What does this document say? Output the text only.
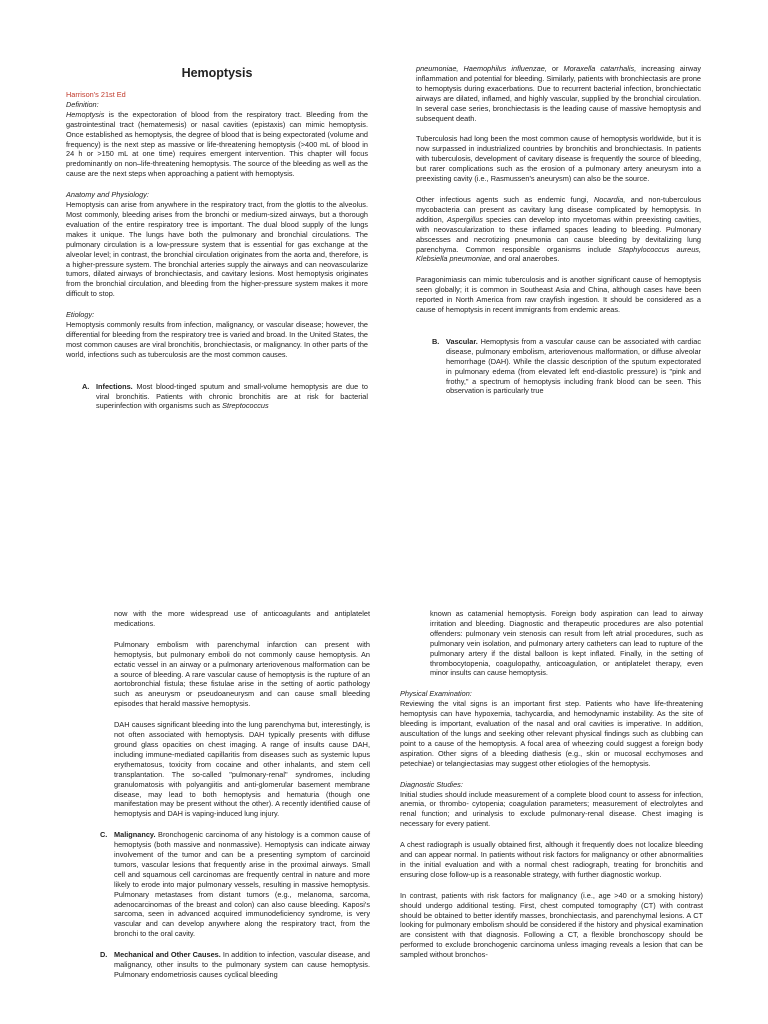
Hemoptysis
Harrison's 21st Ed
Definition:

Hemoptysis is the expectoration of blood from the respiratory tract. Bleeding from the gastrointestinal tract (hematemesis) or nasal cavities (epistaxis) can mimic hemoptysis. Once established as hemoptysis, the degree of blood that is being expectorated (volume and frequency) is the next step as massive or life-threatening hemoptysis (>400 mL of blood in 24 h or >150 mL at one time) requires emergent intervention. This chapter will focus predominantly on non–life-threatening hemoptysis. The source of the bleeding as well as the cause are the next steps when approaching a patient with hemoptysis.

Anatomy and Physiology:

Hemoptysis can arise from anywhere in the respiratory tract, from the glottis to the alveolus. Most commonly, bleeding arises from the bronchi or medium-sized airways, but a thorough evaluation of the entire respiratory tree is important. The dual blood supply of the lungs makes it unique. The lungs have both the pulmonary and bronchial circulations. The pulmonary circulation is a low-pressure system that is essential for gas exchange at the alveolar level; in contrast, the bronchial circulation originates from the aorta and, therefore, is a higher-pressure system. The bronchial arteries supply the airways and can neovascularize tumors, dilated airways of bronchiectasis, and cavitary lesions. Most hemoptysis originates from the bronchial circulation, and bleeding from the higher-pressure system makes it more difficult to stop.

Etiology:

Hemoptysis commonly results from infection, malignancy, or vascular disease; however, the differential for bleeding from the respiratory tree is varied and broad. In the United States, the most common causes are viral bronchitis, bronchiectasis, or malignancy. In other parts of the world, infections such as tuberculosis are the most common causes.

A. Infections. Most blood-tinged sputum and small-volume hemoptysis are due to viral bronchitis. Patients with chronic bronchitis are at risk for bacterial superinfection with organisms such as Streptococcus

pneumoniae, Haemophilus influenzae, or Moraxella catarrhalis, increasing airway inflammation and potential for bleeding. Similarly, patients with bronchiectasis are prone to hemoptysis during exacerbations. Due to recurrent bacterial infection, bronchiectatic airways are dilated, inflamed, and highly vascular, supplied by the bronchial circulation. In several case series, bronchiectasis is the leading cause of massive hemoptysis and subsequent death.

Tuberculosis had long been the most common cause of hemoptysis worldwide, but it is now surpassed in industrialized countries by bronchitis and bronchiectasis. In patients with tuberculosis, development of cavitary disease is frequently the source of bleeding, but rarer complications such as the erosion of a pulmonary artery aneurysm into a preexisting cavity (i.e., Rasmussen's aneurysm) can also be the source.

Other infectious agents such as endemic fungi, Nocardia, and non-tuberculous mycobacteria can present as cavitary lung disease complicated by hemoptysis. In addition, Aspergillus species can develop into mycetomas within preexisting cavities, with neovascularization to these inflamed spaces leading to bleeding. Pulmonary abscesses and necrotizing pneumonia can cause bleeding by devitalizing lung parenchyma. Common responsible organisms include Staphylococcus aureus, Klebsiella pneumoniae, and oral anaerobes.

Paragonimiasis can mimic tuberculosis and is another significant cause of hemoptysis seen globally; it is common in Southeast Asia and China, although cases have been reported in North America from raw crayfish ingestion. It should be considered as a cause of hemoptysis in recent immigrants from endemic areas.

B. Vascular. Hemoptysis from a vascular cause can be associated with cardiac disease, pulmonary embolism, arteriovenous malformation, or diffuse alveolar hemorrhage (DAH). While the classic description of the sputum expectorated in pulmonary edema (from elevated left end-diastolic pressure) is "pink and frothy," a spectrum of hemoptysis including frank blood can be seen. This observation is particularly true

now with the more widespread use of anticoagulants and antiplatelet medications.

Pulmonary embolism with parenchymal infarction can present with hemoptysis, but pulmonary emboli do not commonly cause hemoptysis. An ectatic vessel in an airway or a pulmonary arteriovenous malformation can be a source of bleeding. A rare vascular cause of hemoptysis is the rupture of an aortobronchial fistula; these fistulae arise in the setting of aortic pathology such as aneurysm or pseudoaneurysm and can cause small bleeding episodes that herald massive hemoptysis.

DAH causes significant bleeding into the lung parenchyma but, interestingly, is not often associated with hemoptysis. DAH typically presents with diffuse ground glass opacities on chest imaging. A range of insults cause DAH, including immune-mediated capillaritis from diseases such as systemic lupus erythematosus, toxicity from cocaine and other inhalants, and stem cell transplantation. The so-called "pulmonary-renal" syndromes, including granulomatosis with polyangiitis and anti-glomerular basement membrane disease, may lead to both hemoptysis and hematuria (though one manifestation may be present without the other). A recently identified cause of hemoptysis and DAH is vaping-induced lung injury.

C. Malignancy. Bronchogenic carcinoma of any histology is a common cause of hemoptysis (both massive and nonmassive). Hemoptysis can indicate airway involvement of the tumor and can be a presenting symptom of carcinoid tumors, vascular lesions that frequently arise in the proximal airways. Small cell and squamous cell carcinomas are frequently central in nature and more likely to erode into major pulmonary vessels, resulting in massive hemoptysis. Pulmonary metastases from distant tumors (e.g., melanoma, sarcoma, adenocarcinomas of the breast and colon) can also cause bleeding. Kaposi's sarcoma, seen in advanced acquired immunodeficiency syndrome, is very vascular and can develop anywhere along the respiratory tract, from the bronchi to the oral cavity.
D. Mechanical and Other Causes. In addition to infection, vascular disease, and malignancy, other insults to the pulmonary system can cause hemoptysis. Pulmonary endometriosis causes cyclical bleeding

known as catamenial hemoptysis. Foreign body aspiration can lead to airway irritation and bleeding. Diagnostic and therapeutic procedures are also potential offenders: pulmonary vein stenosis can result from left atrial procedures, such as pulmonary vein isolation, and pulmonary artery catheters can lead to rupture of the pulmonary artery if the distal balloon is kept inflated. Finally, in the setting of thrombocytopenia, coagulopathy, anticoagulation, or antiplatelet therapy, even minor insults can cause hemoptysis.

Physical Examination:

Reviewing the vital signs is an important first step. Patients who have life-threatening hemoptysis can have hypoxemia, tachycardia, and hemodynamic instability. As the site of bleeding is important, evaluation of the nasal and oral cavities is imperative. In addition, auscultation of the lungs and seeking other relevant physical findings such as clubbing can point to a cause of the hemoptysis. A focal area of wheezing could suggest a foreign body aspiration. Other signs of a bleeding diathesis (e.g., skin or mucosal ecchymoses and petechiae) or telangiectasias may suggest other etiologies of the hemoptysis.

Diagnostic Studies:

Initial studies should include measurement of a complete blood count to assess for infection, anemia, or thrombo- cytopenia; coagulation parameters; measurement of electrolytes and renal function; and urinalysis to exclude pulmonary-renal disease. Chest imaging is necessary for every patient.

A chest radiograph is usually obtained first, although it frequently does not localize bleeding and can appear normal. In patients without risk factors for malignancy or other abnormalities in the initial evaluation and with a normal chest radiograph, treating for bronchitis and ensuring close follow-up is a reasonable strategy, with further diagnostic workup.

In contrast, patients with risk factors for malignancy (i.e., age >40 or a smoking history) should undergo additional testing. First, chest computed tomography (CT) with contrast should be obtained to better identify masses, bronchiectasis, and parenchymal lesions. A CT looking for pulmonary embolism should be considered if the history and physical examination are consistent with that diagnosis. Following a CT, a flexible bronchoscopy should be performed to exclude bronchogenic carcinoma unless imaging reveals a lesion that can be sampled without bronchos-
